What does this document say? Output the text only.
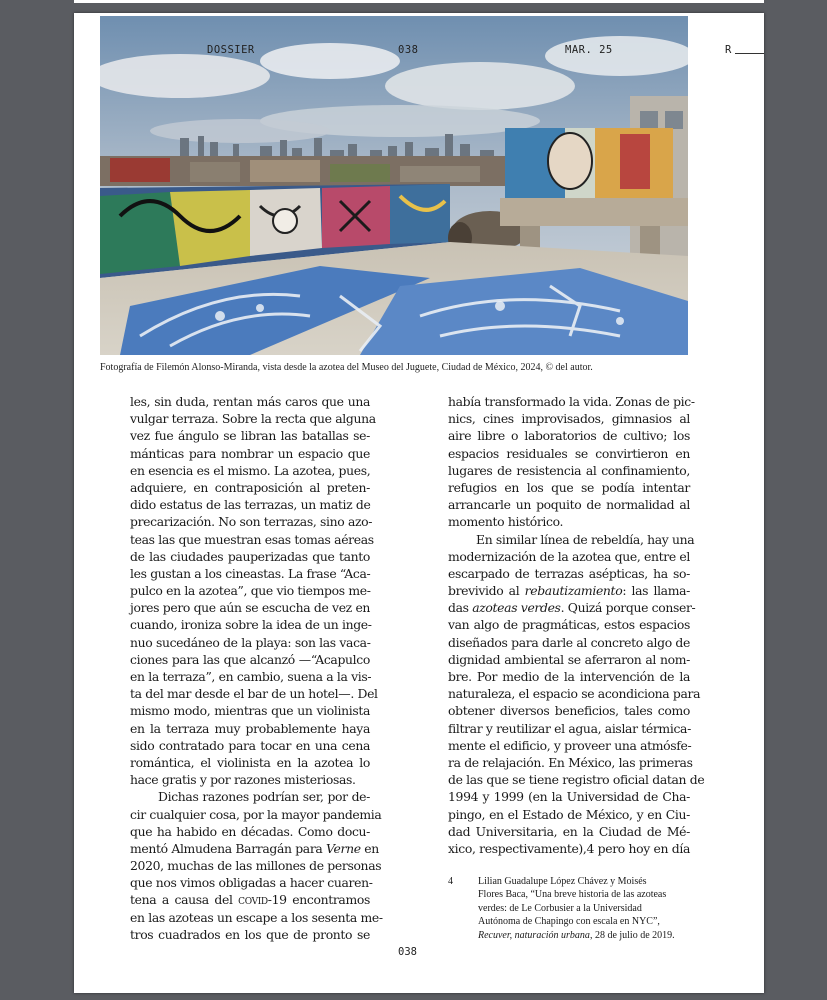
DOSSIER	038	MAR. 25	R
Fotografía de Filemón Alonso-Miranda, vista desde la azotea del Museo del Juguete, Ciudad de México, 2024, © del autor.
les, sin duda, rentan más caros que una
vulgar terraza. Sobre la recta que alguna
vez fue ángulo se libran las batallas se-
mánticas para nombrar un espacio que
en esencia es el mismo. La azotea, pues,
adquiere, en contraposición al preten-
dido estatus de las terrazas, un matiz de
precarización. No son terrazas, sino azo-
teas las que muestran esas tomas aéreas
de las ciudades pauperizadas que tanto
les gustan a los cineastas. La frase “Aca-
pulco en la azotea”, que vio tiempos me-
jores pero que aún se escucha de vez en
cuando, ironiza sobre la idea de un inge-
nuo sucedáneo de la playa: son las vaca-
ciones para las que alcanzó —“Acapulco
en la terraza”, en cambio, suena a la vis-
ta del mar desde el bar de un hotel—. Del
mismo modo, mientras que un violinista
en la terraza muy probablemente haya
sido contratado para tocar en una cena
romántica, el violinista en la azotea lo
hace gratis y por razones misteriosas.
Dichas razones podrían ser, por de-
cir cualquier cosa, por la mayor pandemia
que ha habido en décadas. Como docu-
mentó Almudena Barragán para Verne en
2020, muchas de las millones de personas
que nos vimos obligadas a hacer cuaren-
tena a causa del covid-19 encontramos
en las azoteas un escape a los sesenta me-
tros cuadrados en los que de pronto se
había transformado la vida. Zonas de pic-
nics, cines improvisados, gimnasios al
aire libre o laboratorios de cultivo; los
espacios residuales se convirtieron en
lugares de resistencia al confinamiento,
refugios en los que se podía intentar
arrancarle un poquito de normalidad al
momento histórico.
En similar línea de rebeldía, hay una
modernización de la azotea que, entre el
escarpado de terrazas asépticas, ha so-
brevivido al rebautizamiento: las llama-
das azoteas verdes. Quizá porque conser-
van algo de pragmáticas, estos espacios
diseñados para darle al concreto algo de
dignidad ambiental se aferraron al nom-
bre. Por medio de la intervención de la
naturaleza, el espacio se acondiciona para
obtener diversos beneficios, tales como
filtrar y reutilizar el agua, aislar térmica-
mente el edificio, y proveer una atmósfe-
ra de relajación. En México, las primeras
de las que se tiene registro oficial datan de
1994 y 1999 (en la Universidad de Cha-
pingo, en el Estado de México, y en Ciu-
dad Universitaria, en la Ciudad de Mé-
xico, respectivamente),4 pero hoy en día
4	Lilian Guadalupe López Chávez y Moisés
Flores Baca, “Una breve historia de las azoteas
verdes: de Le Corbusier a la Universidad
Autónoma de Chapingo con escala en NYC”,
Recuver, naturación urbana, 28 de julio de 2019.
038
